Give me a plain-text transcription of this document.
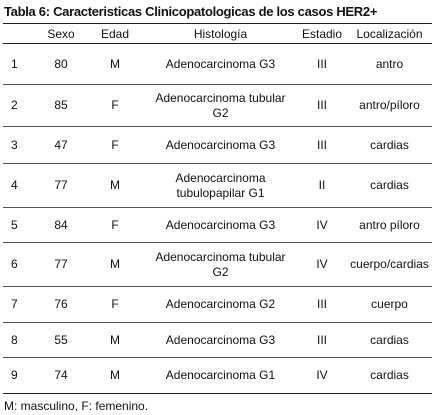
Tabla 6: Caracteristicas Clinicopatologicas de los casos HER2+
	Sexo	Edad	Histología	Estadio	Localización
1	80	M	Adenocarcinoma G3	III	antro
2	85	F	Adenocarcinoma tubular G2	III	antro/píloro
3	47	F	Adenocarcinoma G3	III	cardias
4	77	M	Adenocarcinoma tubulopapilar G1	II	cardias
5	84	F	Adenocarcinoma G3	IV	antro píloro
6	77	M	Adenocarcinoma tubular G2	IV	cuerpo/cardias
7	76	F	Adenocarcinoma G2	III	cuerpo
8	55	M	Adenocarcinoma G3	III	cardias
9	74	M	Adenocarcinoma G1	IV	cardias
M: masculino, F: femenino.
